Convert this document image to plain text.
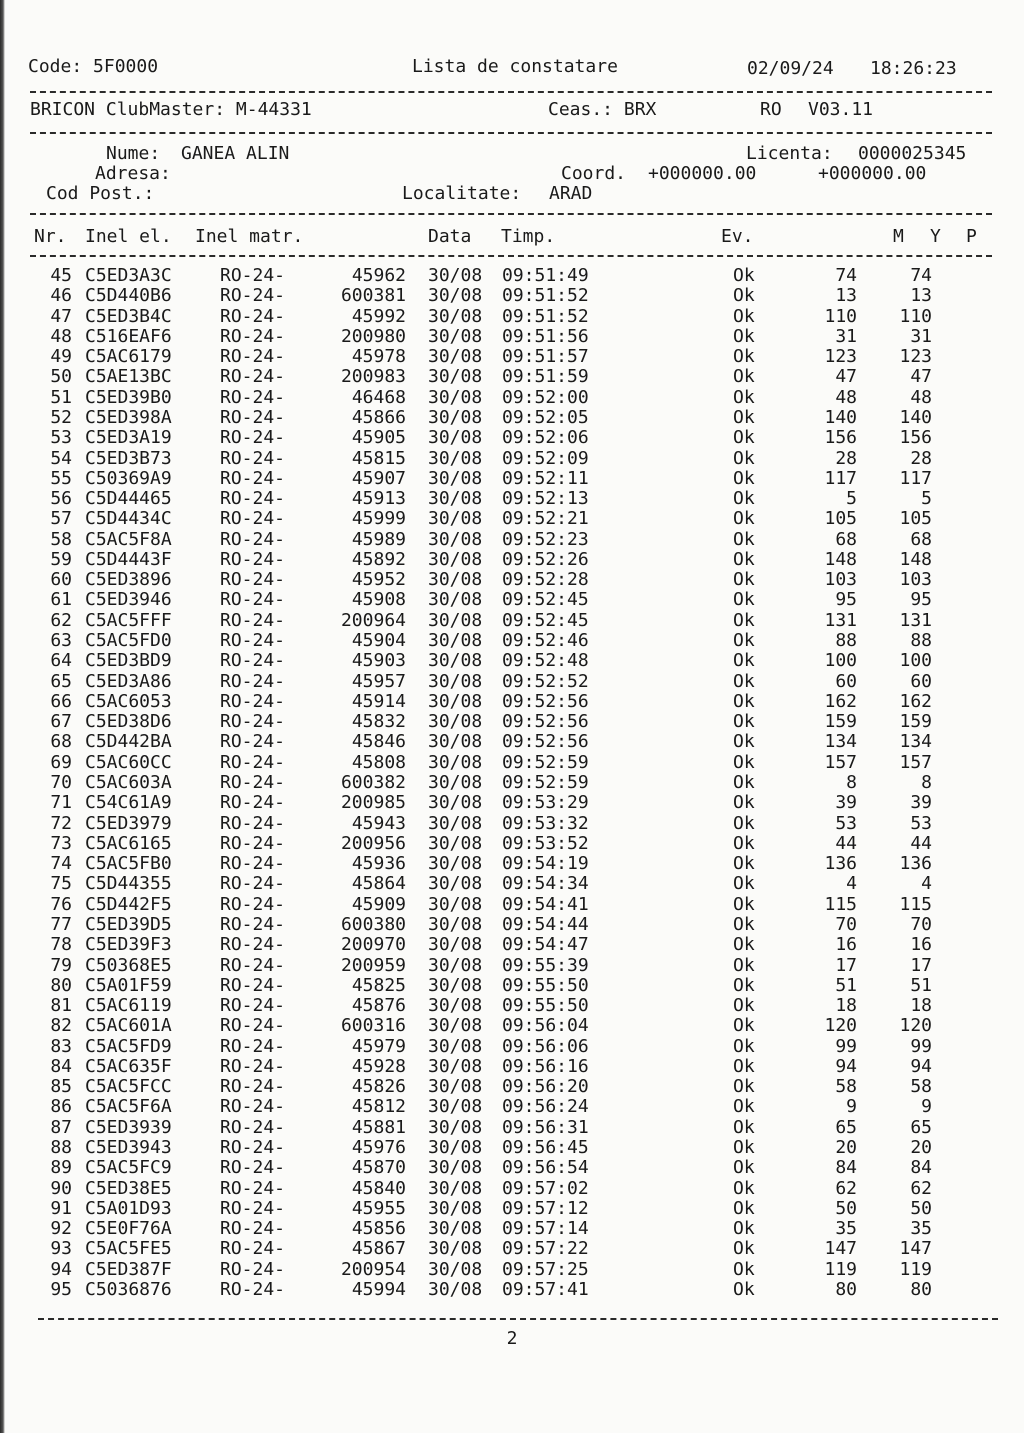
Code: 5F0000	Lista de constatare	02/09/24 18:26:23
BRICON ClubMaster: M-44331	Ceas.: BRX	RO V03.11
Nume: GANEA ALIN	Licenta: 0000025345
Adresa:	Coord. +000000.00	+000000.00
Cod Post.:	Localitate: ARAD
Nr. Inel el. Inel matr.	Data Timp.	Ev.	M Y P
45 C5ED3A3C	RO-24-	45962 30/08	09:51:49	Ok	74	74
46 C5D440B6	RO-24-	600381 30/08	09:51:52	Ok	13	13
47 C5ED3B4C	RO-24-	45992 30/08	09:51:52	Ok	110	110
48 C516EAF6	RO-24-	200980 30/08	09:51:56	Ok	31	31
49 C5AC6179	RO-24-	45978 30/08	09:51:57	Ok	123	123
50 C5AE13BC	RO-24-	200983 30/08	09:51:59	Ok	47	47
51 C5ED39B0	RO-24-	46468 30/08	09:52:00	Ok	48	48
52 C5ED398A	RO-24-	45866 30/08	09:52:05	Ok	140	140
53 C5ED3A19	RO-24-	45905 30/08	09:52:06	Ok	156	156
54 C5ED3B73	RO-24-	45815 30/08	09:52:09	Ok	28	28
55 C50369A9	RO-24-	45907 30/08	09:52:11	Ok	117	117
56 C5D44465	RO-24-	45913 30/08	09:52:13	Ok	5	5
57 C5D4434C	RO-24-	45999 30/08	09:52:21	Ok	105	105
58 C5AC5F8A	RO-24-	45989 30/08	09:52:23	Ok	68	68
59 C5D4443F	RO-24-	45892 30/08	09:52:26	Ok	148	148
60 C5ED3896	RO-24-	45952 30/08	09:52:28	Ok	103	103
61 C5ED3946	RO-24-	45908 30/08	09:52:45	Ok	95	95
62 C5AC5FFF	RO-24-	200964 30/08	09:52:45	Ok	131	131
63 C5AC5FD0	RO-24-	45904 30/08	09:52:46	Ok	88	88
64 C5ED3BD9	RO-24-	45903 30/08	09:52:48	Ok	100	100
65 C5ED3A86	RO-24-	45957 30/08	09:52:52	Ok	60	60
66 C5AC6053	RO-24-	45914 30/08	09:52:56	Ok	162	162
67 C5ED38D6	RO-24-	45832 30/08	09:52:56	Ok	159	159
68 C5D442BA	RO-24-	45846 30/08	09:52:56	Ok	134	134
69 C5AC60CC	RO-24-	45808 30/08	09:52:59	Ok	157	157
70 C5AC603A	RO-24-	600382 30/08	09:52:59	Ok	8	8
71 C54C61A9	RO-24-	200985 30/08	09:53:29	Ok	39	39
72 C5ED3979	RO-24-	45943 30/08	09:53:32	Ok	53	53
73 C5AC6165	RO-24-	200956 30/08	09:53:52	Ok	44	44
74 C5AC5FB0	RO-24-	45936 30/08	09:54:19	Ok	136	136
75 C5D44355	RO-24-	45864 30/08	09:54:34	Ok	4	4
76 C5D442F5	RO-24-	45909 30/08	09:54:41	Ok	115	115
77 C5ED39D5	RO-24-	600380 30/08	09:54:44	Ok	70	70
78 C5ED39F3	RO-24-	200970 30/08	09:54:47	Ok	16	16
79 C50368E5	RO-24-	200959 30/08	09:55:39	Ok	17	17
80 C5A01F59	RO-24-	45825 30/08	09:55:50	Ok	51	51
81 C5AC6119	RO-24-	45876 30/08	09:55:50	Ok	18	18
82 C5AC601A	RO-24-	600316 30/08	09:56:04	Ok	120	120
83 C5AC5FD9	RO-24-	45979 30/08	09:56:06	Ok	99	99
84 C5AC635F	RO-24-	45928 30/08	09:56:16	Ok	94	94
85 C5AC5FCC	RO-24-	45826 30/08	09:56:20	Ok	58	58
86 C5AC5F6A	RO-24-	45812 30/08	09:56:24	Ok	9	9
87 C5ED3939	RO-24-	45881 30/08	09:56:31	Ok	65	65
88 C5ED3943	RO-24-	45976 30/08	09:56:45	Ok	20	20
89 C5AC5FC9	RO-24-	45870 30/08	09:56:54	Ok	84	84
90 C5ED38E5	RO-24-	45840 30/08	09:57:02	Ok	62	62
91 C5A01D93	RO-24-	45955 30/08	09:57:12	Ok	50	50
92 C5E0F76A	RO-24-	45856 30/08	09:57:14	Ok	35	35
93 C5AC5FE5	RO-24-	45867 30/08	09:57:22	Ok	147	147
94 C5ED387F	RO-24-	200954 30/08	09:57:25	Ok	119	119
95 C5036876	RO-24-	45994 30/08	09:57:41	Ok	80	80
2
